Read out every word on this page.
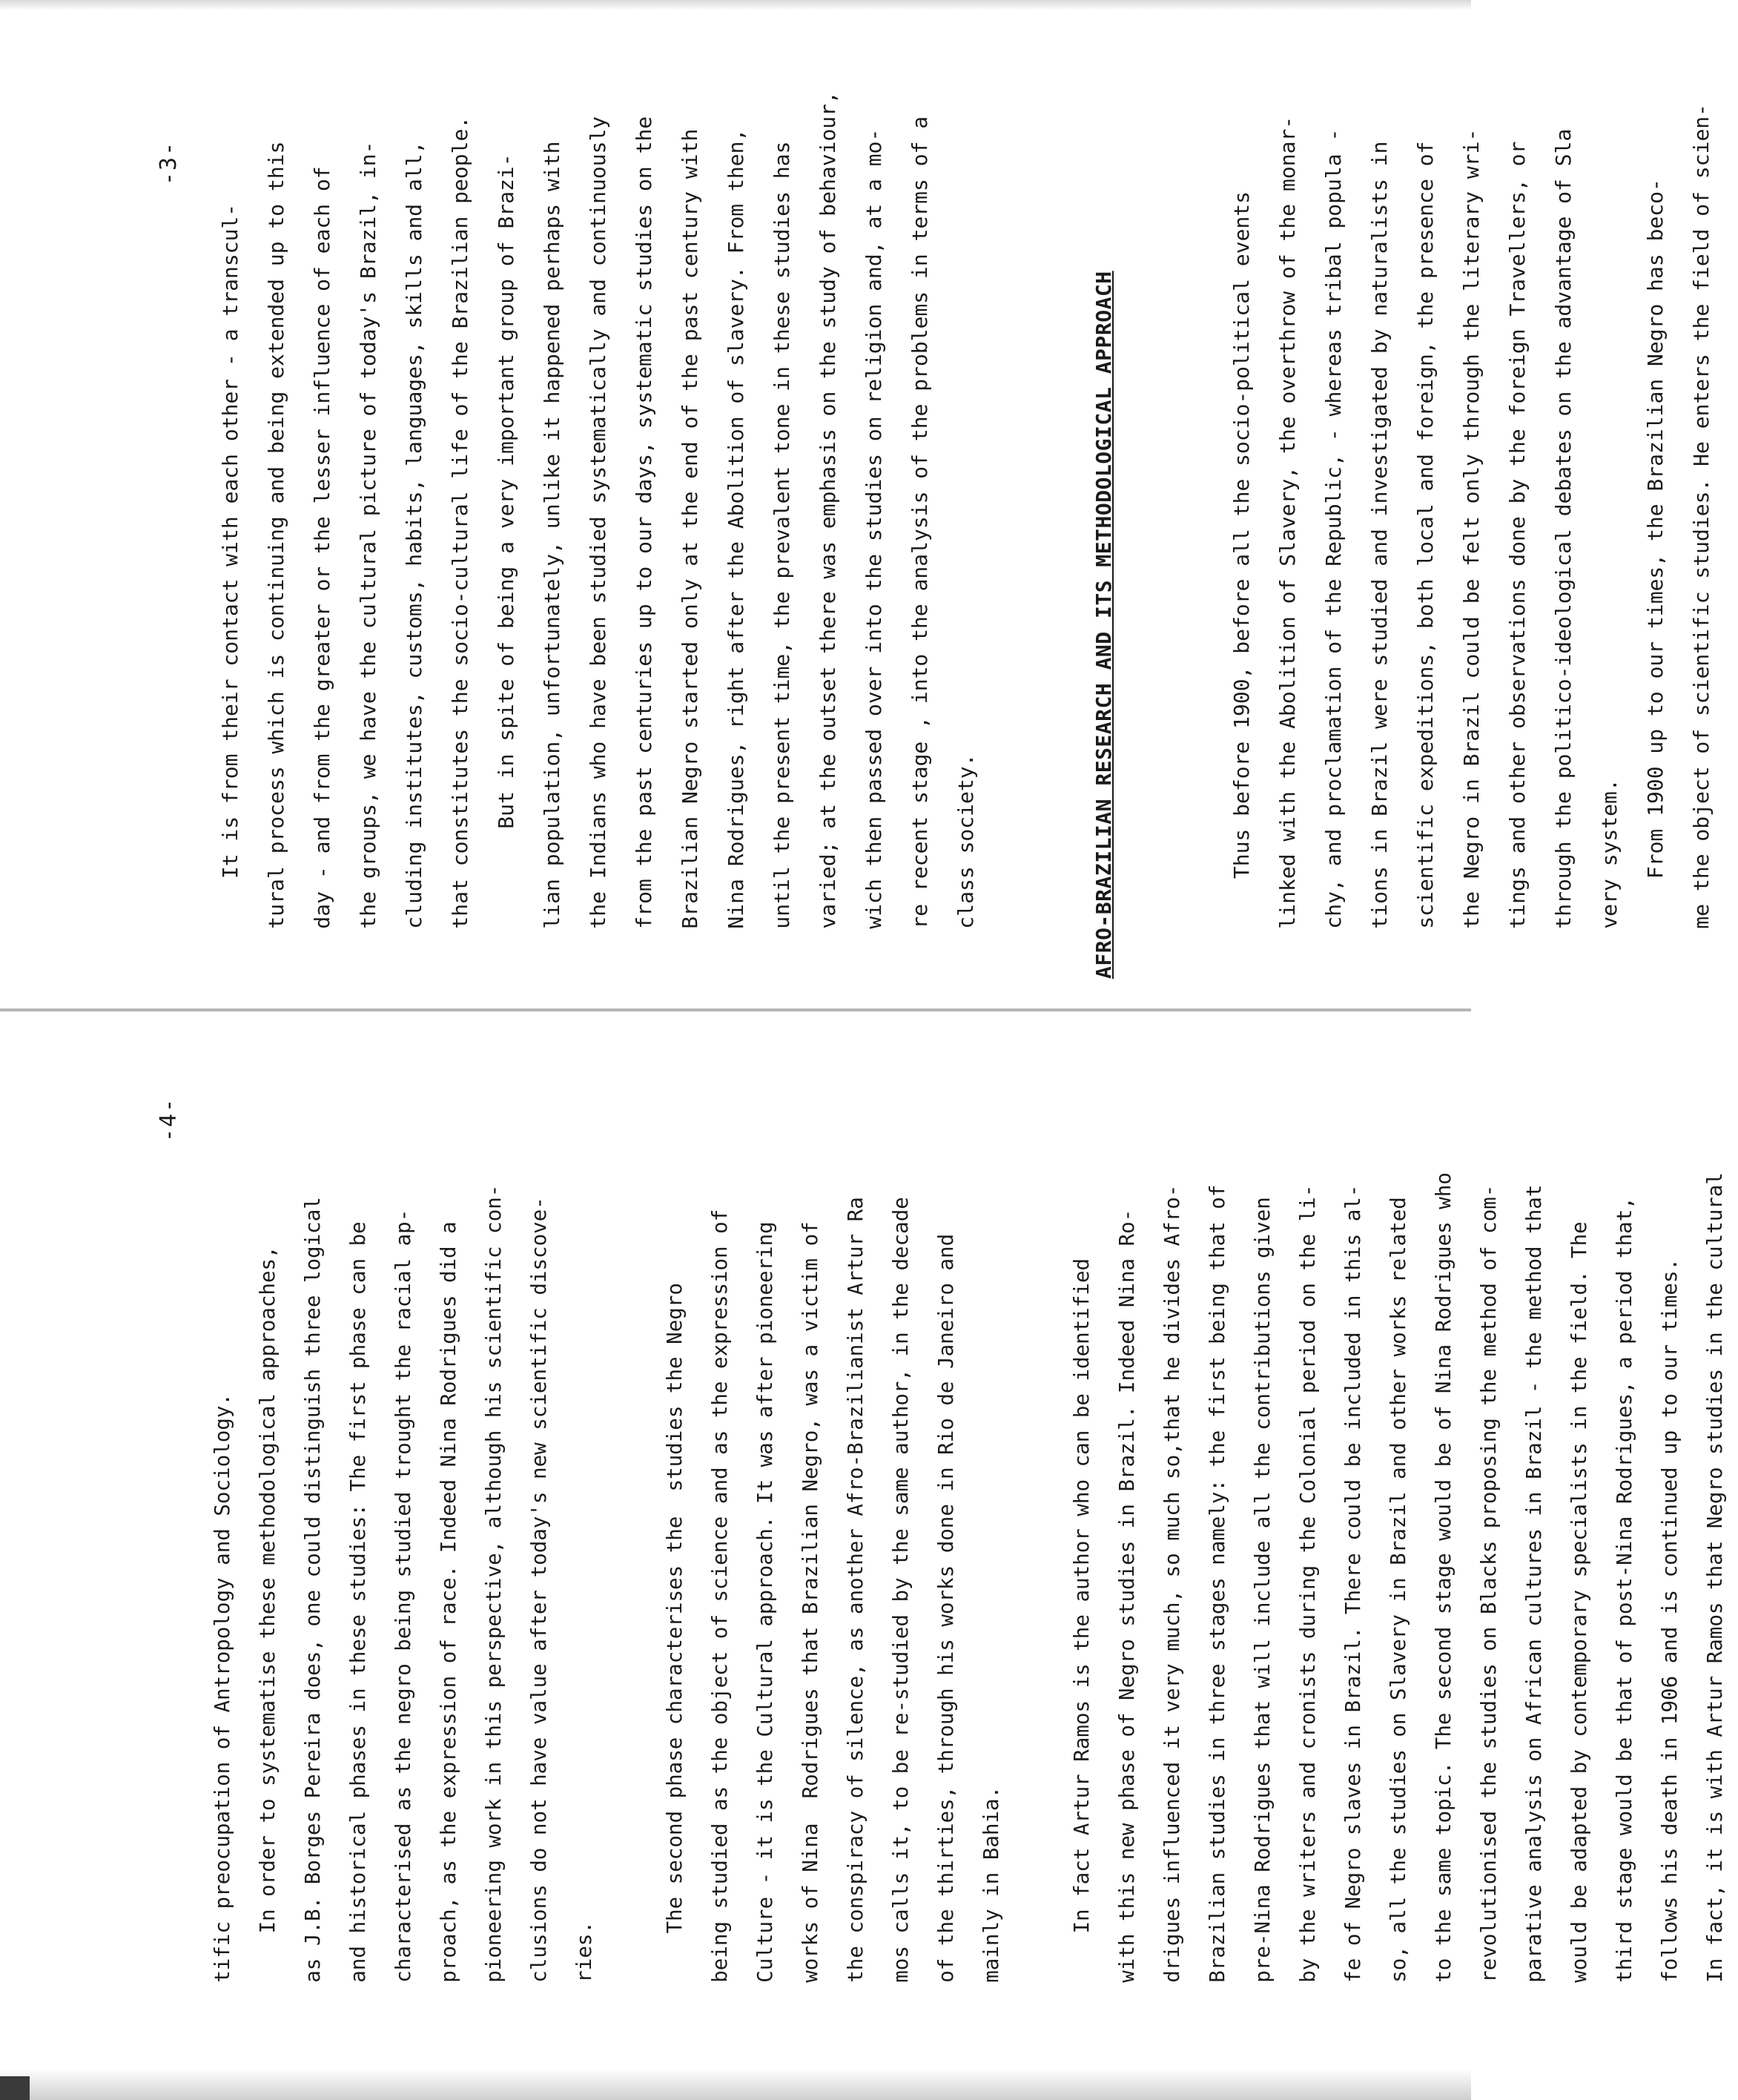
-4-
tific preocupation of Antropology and Sociology.	In order to systematise these methodological approaches,	as J.B. Borges Pereira does, one could distinguish three logical	and historical phases in these studies: The first phase can be	characterised as the negro being studied trought the racial ap-	proach, as the expression of race. Indeed Nina Rodrigues did a	pioneering work in this perspective, although his scientific con-	clusions do not have value after today's new scientific discove-	ries.
	The second phase characterises the  studies the Negro	being studied as the object of science and as the expression of	Culture - it is the Cultural approach. It was after pioneering	works of Nina  Rodrigues that Brazilian Negro, was a victim of	the conspiracy of silence, as another Afro-Brazilianist Artur Ra	mos calls it, to be re-studied by the same author, in the decade	of the thirties, through his works done in Rio de Janeiro and	mainly in Bahia.
	In fact Artur Ramos is the author who can be identified	with this new phase of Negro studies in Brazil. Indeed Nina Ro-	drigues influenced it very much, so much so,that he divides Afro-	Brazilian studies in three stages namely: the first being that of	pre-Nina Rodrigues that will include all the contributions given	by the writers and cronists during the Colonial period on the li-	fe of Negro slaves in Brazil. There could be included in this al-	so, all the studies on Slavery in Brazil and other works related	to the same topic. The second stage would be of Nina Rodrigues who	revolutionised the studies on Blacks proposing the method of com-	parative analysis on African cultures in Brazil - the method that	would be adapted by contemporary specialists in the field. The	third stage would be that of post-Nina Rodrigues, a period that,	follows his death in 1906 and is continued up to our times.	In fact, it is with Artur Ramos that Negro studies in the cultural
-3-
It is from their contact with each other - a transcul-	tural process which is continuing and being extended up to this	day - and from the greater or the lesser influence of each of	the groups, we have the cultural picture of today's Brazil, in-	cluding institutes, customs, habits, languages, skills and all,	that constitutes the socio-cultural life of the Brazilian people.	But in spite of being a very important group of Brazi-	lian population, unfortunately, unlike it happened perhaps with	the Indians who have been studied systematically and continuously	from the past centuries up to our days, systematic studies on the	Brazilian Negro started only at the end of the past century with	Nina Rodrigues, right after the Abolition of slavery. From then,	until the present time, the prevalent tone in these studies has	varied; at the outset there was emphasis on the study of behaviour,	wich then passed over into the studies on religion and, at a mo-	re recent stage , into the analysis of the problems in terms of a	class society.

	AFRO-BRAZILIAN RESEARCH AND ITS METHODOLOGICAL APPROACH

	Thus before 1900, before all the socio-political events	linked with the Abolition of Slavery, the overthrow of the monar-	chy, and proclamation of the Republic, - whereas tribal popula -	tions in Brazil were studied and investigated by naturalists in	scientific expeditions, both local and foreign, the presence of	the Negro in Brazil could be felt only through the literary wri-	tings and other observations done by the foreign Travellers, or	through the politico-ideological debates on the advantage of Sla	very system.	From 1900 up to our times, the Brazilian Negro has beco-	me the object of scientific studies. He enters the field of scien-
